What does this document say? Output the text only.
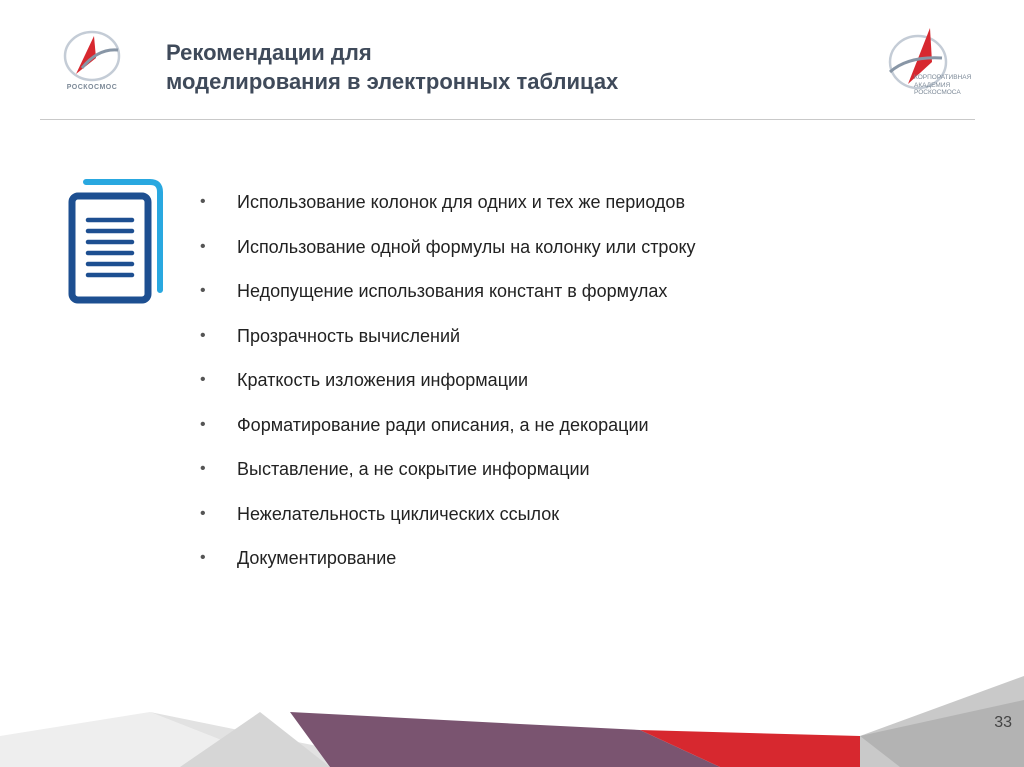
РОСКОСМОС
Рекомендации для
моделирования в электронных таблицах	КОРПОРАТИВНАЯ
АКАДЕМИЯ
РОСКОСМОСА
• Использование колонок для одних и тех же периодов
• Использование одной формулы на колонку или строку
• Недопущение использования констант в формулах
• Прозрачность вычислений
• Краткость изложения информации
• Форматирование ради описания, а не декорации
• Выставление, а не сокрытие информации
• Нежелательность циклических ссылок
• Документирование
33
